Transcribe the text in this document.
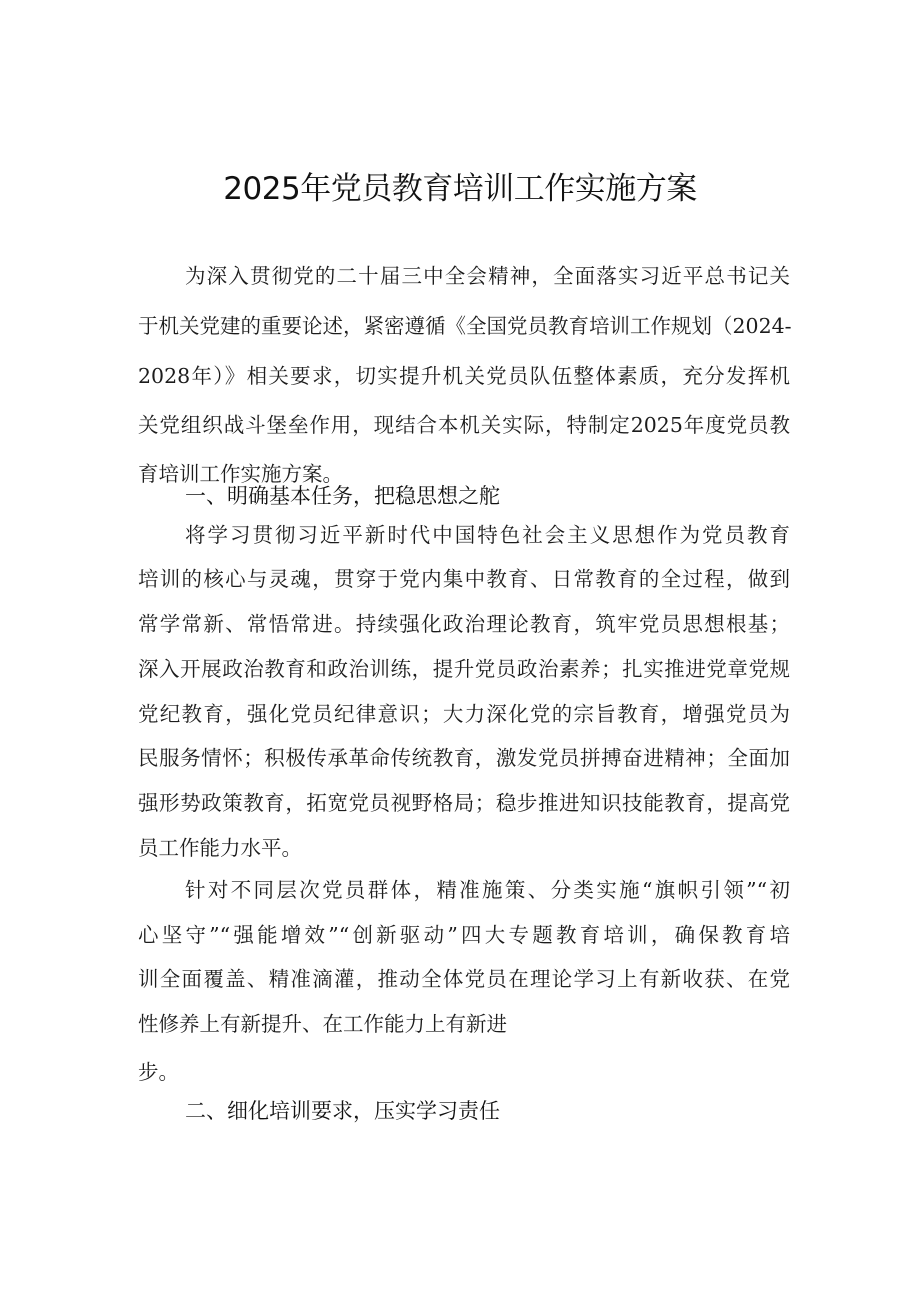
2025年党员教育培训工作实施方案
为深入贯彻党的二十届三中全会精神，全面落实习近平总书记关
于机关党建的重要论述，紧密遵循《全国党员教育培训工作规划（2024-
2028年）》相关要求，切实提升机关党员队伍整体素质，充分发挥机
关党组织战斗堡垒作用，现结合本机关实际，特制定2025年度党员教
育培训工作实施方案。
一、明确基本任务，把稳思想之舵
将学习贯彻习近平新时代中国特色社会主义思想作为党员教育
培训的核心与灵魂，贯穿于党内集中教育、日常教育的全过程，做到
常学常新、常悟常进。持续强化政治理论教育，筑牢党员思想根基；
深入开展政治教育和政治训练，提升党员政治素养；扎实推进党章党规
党纪教育，强化党员纪律意识；大力深化党的宗旨教育，增强党员为
民服务情怀；积极传承革命传统教育，激发党员拼搏奋进精神；全面加
强形势政策教育，拓宽党员视野格局；稳步推进知识技能教育，提高党
员工作能力水平。
针对不同层次党员群体，精准施策、分类实施“旗帜引领”“初
心坚守”“强能增效”“创新驱动”四大专题教育培训，确保教育培
训全面覆盖、精准滴灌，推动全体党员在理论学习上有新收获、在党
性修养上有新提升、在工作能力上有新进
步。
二、细化培训要求，压实学习责任
